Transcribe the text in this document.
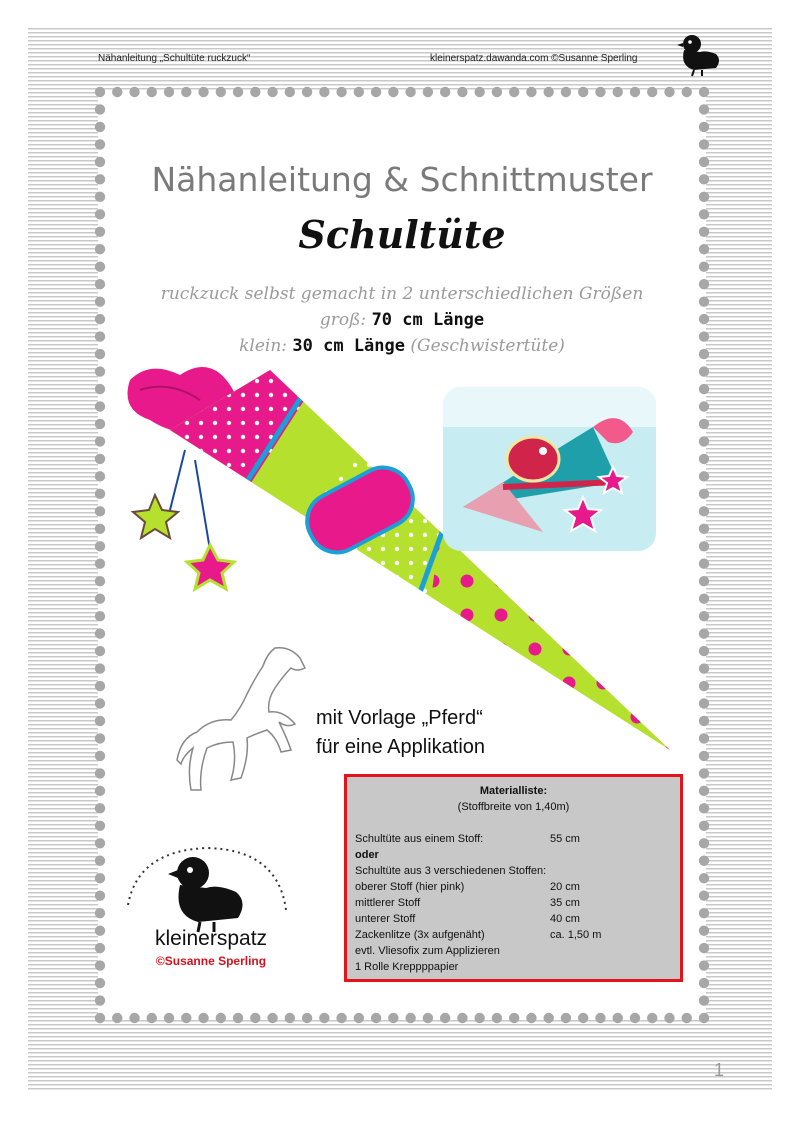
Nähanleitung „Schultüte ruckzuck“	kleinerspatz.dawanda.com ©Susanne Sperling
Nähanleitung & Schnittmuster
Schultüte
ruckzuck selbst gemacht in 2 unterschiedlichen Größen
groß: 70 cm Länge
klein: 30 cm Länge (Geschwistertüte)
mit Vorlage „Pferd“
für eine Applikation
kleinerspatz
©Susanne Sperling
Materialliste:
(Stoffbreite von 1,40m)
Schultüte aus einem Stoff:	55 cm
oder
Schultüte aus 3 verschiedenen Stoffen:
oberer Stoff (hier pink)	20 cm
mittlerer Stoff	35 cm
unterer Stoff	40 cm
Zackenlitze (3x aufgenäht)	ca. 1,50 m
evtl. Vliesofix zum Applizieren
1 Rolle Kreppppapier
1
